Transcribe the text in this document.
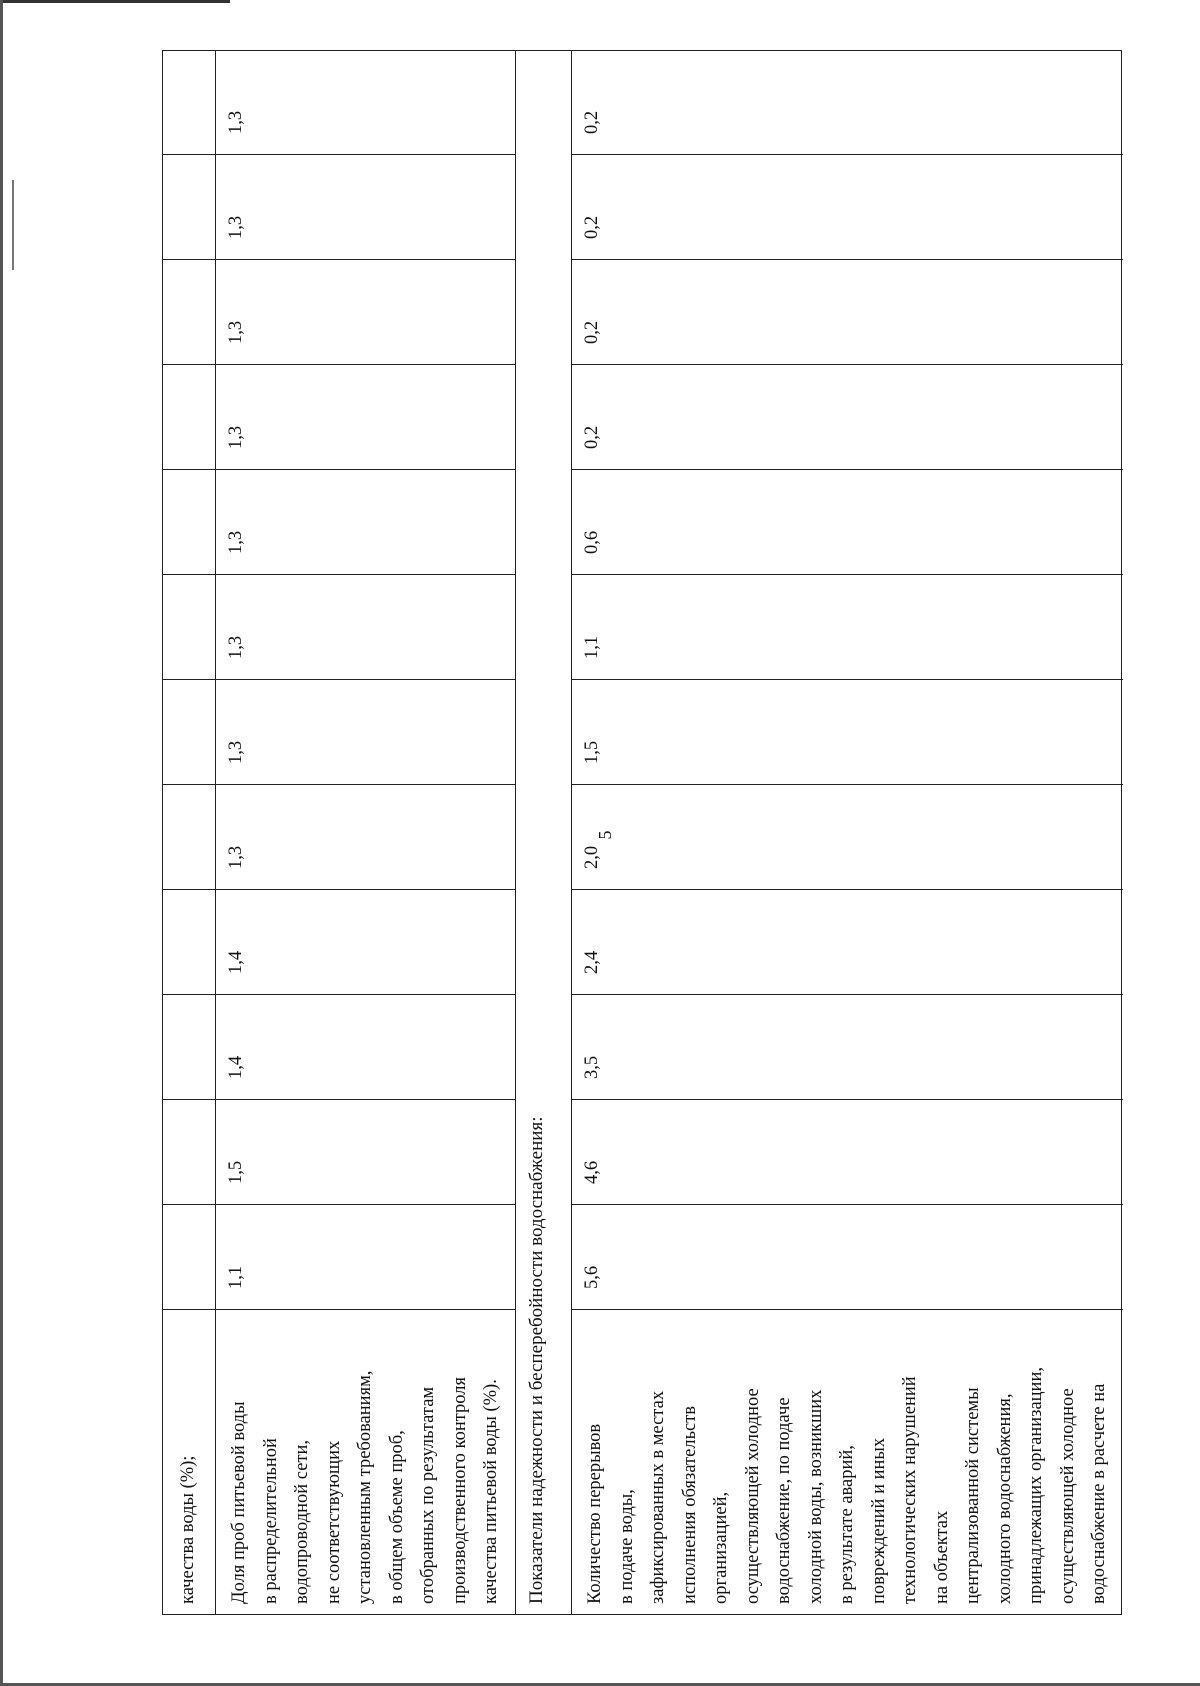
5
качества воды (%);	Доля проб питьевой воды
в распределительной
водопроводной сети,
не соответствующих
установленным требованиям,
в общем объеме проб,
отобранных по результатам
производственного контроля
качества питьевой воды (%).
1,1
1,5
1,4
1,4
1,3
1,3
1,3
1,3
1,3
1,3
1,3
1,3
Показатели надежности и бесперебойности водоснабжения:	Количество перерывов
в подаче воды,
зафиксированных в местах
исполнения обязательств
организацией,
осуществляющей холодное
водоснабжение, по подаче
холодной воды, возникших
в результате аварий,
повреждений и иных
технологических нарушений
на объектах
централизованной системы
холодного водоснабжения,
принадлежащих организации,
осуществляющей холодное
водоснабжение в расчете на
5,6
4,6
3,5
2,4
2,0
1,5
1,1
0,6
0,2
0,2
0,2
0,2
